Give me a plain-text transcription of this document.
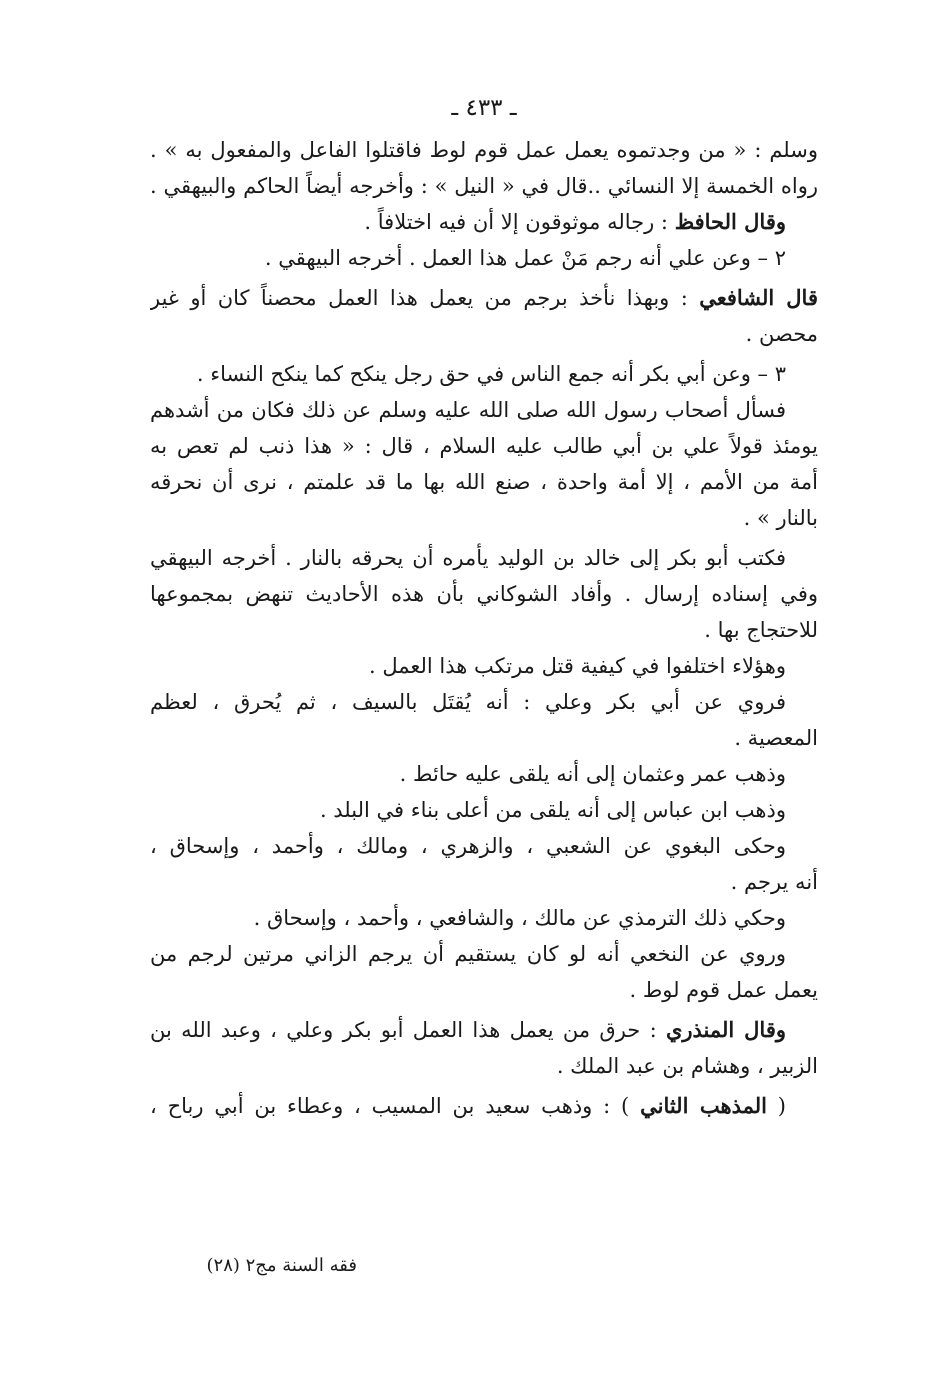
ـ ٤٣٣ ـ
وسلم : « من وجدتموه يعمل عمل قوم لوط فاقتلوا الفاعل والمفعول به » .
رواه الخمسة إلا النسائي ..قال في « النيل » : وأخرجه أيضاً الحاكم والبيهقي .
وقال الحافظ : رجاله موثوقون إلا أن فيه اختلافاً .
٢ – وعن علي أنه رجم مَنْ عمل هذا العمل . أخرجه البيهقي .
قال الشافعي : وبهذا نأخذ برجم من يعمل هذا العمل محصناً كان أو غير
محصن .
٣ – وعن أبي بكر أنه جمع الناس في حق رجل ينكح كما ينكح النساء .
فسأل أصحاب رسول الله صلى الله عليه وسلم عن ذلك فكان من أشدهم
يومئذ قولاً علي بن أبي طالب عليه السلام ، قال : « هذا ذنب لم تعص به
أمة من الأمم ، إلا أمة واحدة ، صنع الله بها ما قد علمتم ، نرى أن نحرقه
بالنار » .
فكتب أبو بكر إلى خالد بن الوليد يأمره أن يحرقه بالنار . أخرجه البيهقي
وفي إسناده إرسال . وأفاد الشوكاني بأن هذه الأحاديث تنهض بمجموعها
للاحتجاج بها .
وهؤلاء اختلفوا في كيفية قتل مرتكب هذا العمل .
فروي عن أبي بكر وعلي : أنه يُقتَل بالسيف ، ثم يُحرق ، لعظم
المعصية .
وذهب عمر وعثمان إلى أنه يلقى عليه حائط .
وذهب ابن عباس إلى أنه يلقى من أعلى بناء في البلد .
وحكى البغوي عن الشعبي ، والزهري ، ومالك ، وأحمد ، وإسحاق ،
أنه يرجم .
وحكي ذلك الترمذي عن مالك ، والشافعي ، وأحمد ، وإسحاق .
وروي عن النخعي أنه لو كان يستقيم أن يرجم الزاني مرتين لرجم من
يعمل عمل قوم لوط .
وقال المنذري : حرق من يعمل هذا العمل أبو بكر وعلي ، وعبد الله بن
الزبير ، وهشام بن عبد الملك .
( المذهب الثاني ) : وذهب سعيد بن المسيب ، وعطاء بن أبي رباح ،
فقه السنة مج٢ (٢٨)
